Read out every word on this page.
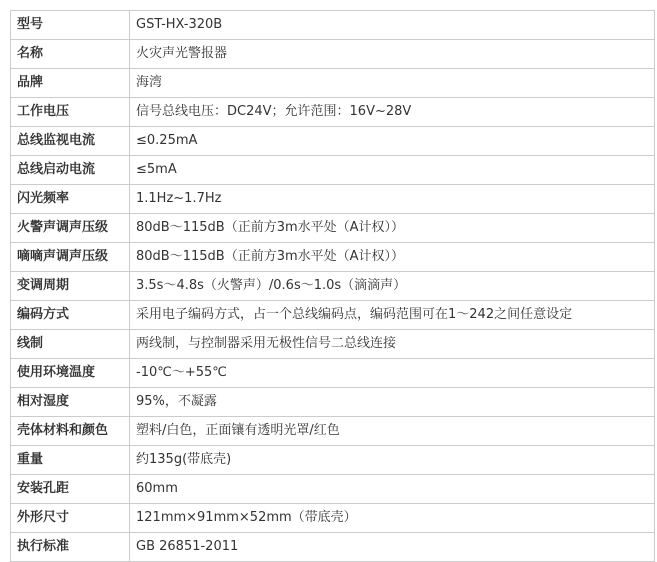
型号	GST-HX-320B
名称	火灾声光警报器
品牌	海湾
工作电压	信号总线电压：DC24V；允许范围：16V~28V
总线监视电流	≤0.25mA
总线启动电流	≤5mA
闪光频率	1.1Hz~1.7Hz
火警声调声压级	80dB～115dB（正前方3m水平处（A计权））
嘀嘀声调声压级	80dB～115dB（正前方3m水平处（A计权））
变调周期	3.5s～4.8s（火警声）/0.6s～1.0s（滴滴声）
编码方式	采用电子编码方式，占一个总线编码点，编码范围可在1～242之间任意设定
线制	两线制，与控制器采用无极性信号二总线连接
使用环境温度	-10℃～+55℃
相对湿度	95%，不凝露
壳体材料和颜色	塑料/白色，正面镶有透明光罩/红色
重量	约135g(带底壳)
安装孔距	60mm
外形尺寸	121mm×91mm×52mm（带底壳）
执行标准	GB 26851-2011
